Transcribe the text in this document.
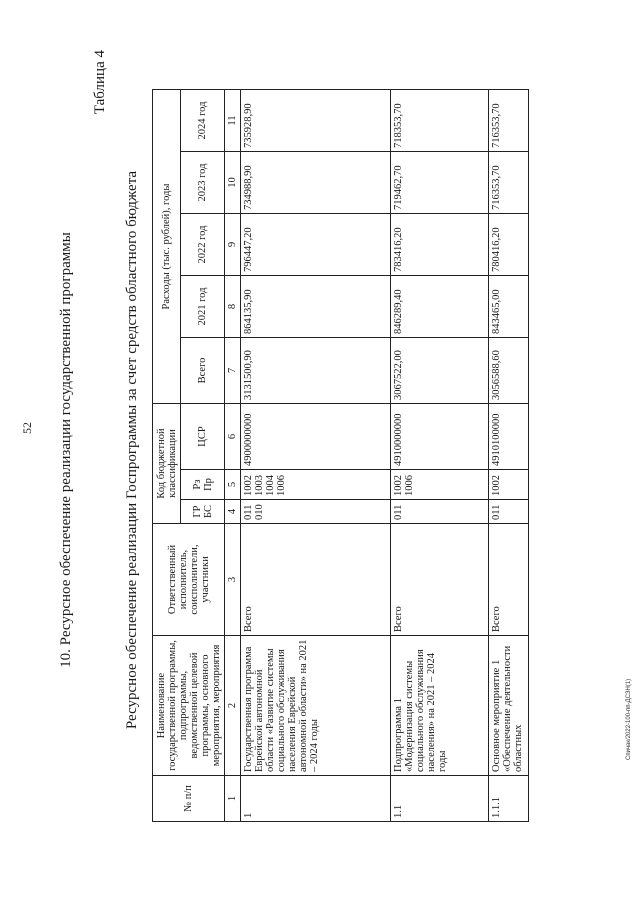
52
Спичак/2022-100-пп-ДСЗН(1)
10. Ресурсное обеспечение реализации государственной программы
Таблица 4
Ресурсное обеспечение реализации Госпрограммы за счет средств областного бюджета
№ п/п	Наименование государственной программы, подпрограммы, ведомственной целевой программы, основного мероприятия, мероприятия	Ответственный исполнитель, соисполнители, участники	Код бюджетной классификации			Расходы (тыс. рублей), годы				
			ГР БС	Рз Пр	ЦСР	Всего	2021 год	2022 год	2023 год	2024 год

1	2	3	4	5	6	7	8	9	10	11
1	Государственная программа Еврейской автономной области «Развитие системы социального обслуживания населения Еврейской автономной области» на 2021 – 2024 годы	Всего	011 010	1002 1003 1004 1006	4900000000	3131500,90	864135,90	796447,20	734988,90	735928,90
1.1	Подпрограмма 1 «Модернизация системы социального обслуживания населения» на 2021 – 2024 годы	Всего	011	1002 1006	4910000000	3067522,00	846289,40	783416,20	719462,70	718353,70
1.1.1	Основное мероприятие 1 «Обеспечение деятельности областных	Всего	011	1002	4910100000	3056588,60	843465,00	780416,20	716353,70	716353,70
